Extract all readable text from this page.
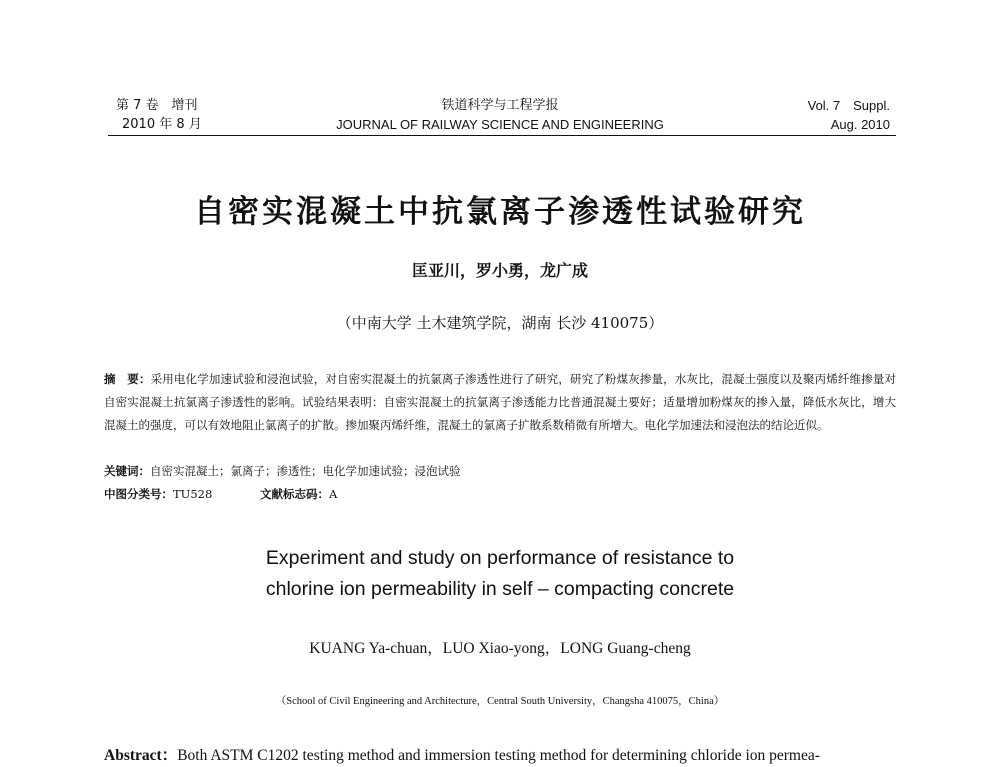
第 7 卷　增刊
2010 年 8 月
铁道科学与工程学报
JOURNAL OF RAILWAY SCIENCE AND ENGINEERING
Vol. 7　Suppl.
Aug. 2010
自密实混凝土中抗氯离子渗透性试验研究
匡亚川，罗小勇，龙广成
（中南大学 土木建筑学院，湖南 长沙 410075）
摘　要：采用电化学加速试验和浸泡试验，对自密实混凝土的抗氯离子渗透性进行了研究，研究了粉煤灰掺量，水灰比，混凝土强度以及聚丙烯纤维掺量对自密实混凝土抗氯离子渗透性的影响。试验结果表明：自密实混凝土的抗氯离子渗透能力比普通混凝土要好；适量增加粉煤灰的掺入量，降低水灰比，增大混凝土的强度，可以有效地阻止氯离子的扩散。掺加聚丙烯纤维，混凝土的氯离子扩散系数稍微有所增大。电化学加速法和浸泡法的结论近似。
关键词：自密实混凝土；氯离子；渗透性；电化学加速试验；浸泡试验
中图分类号：TU528	文献标志码：A
Experiment and study on performance of resistance to
chlorine ion permeability in self – compacting concrete
KUANG Ya-chuan，LUO Xiao-yong，LONG Guang-cheng
（School of Civil Engineering and Architecture，Central South University，Changsha 410075，China）
Abstract：Both ASTM C1202 testing method and immersion testing method for determining chloride ion permea-
